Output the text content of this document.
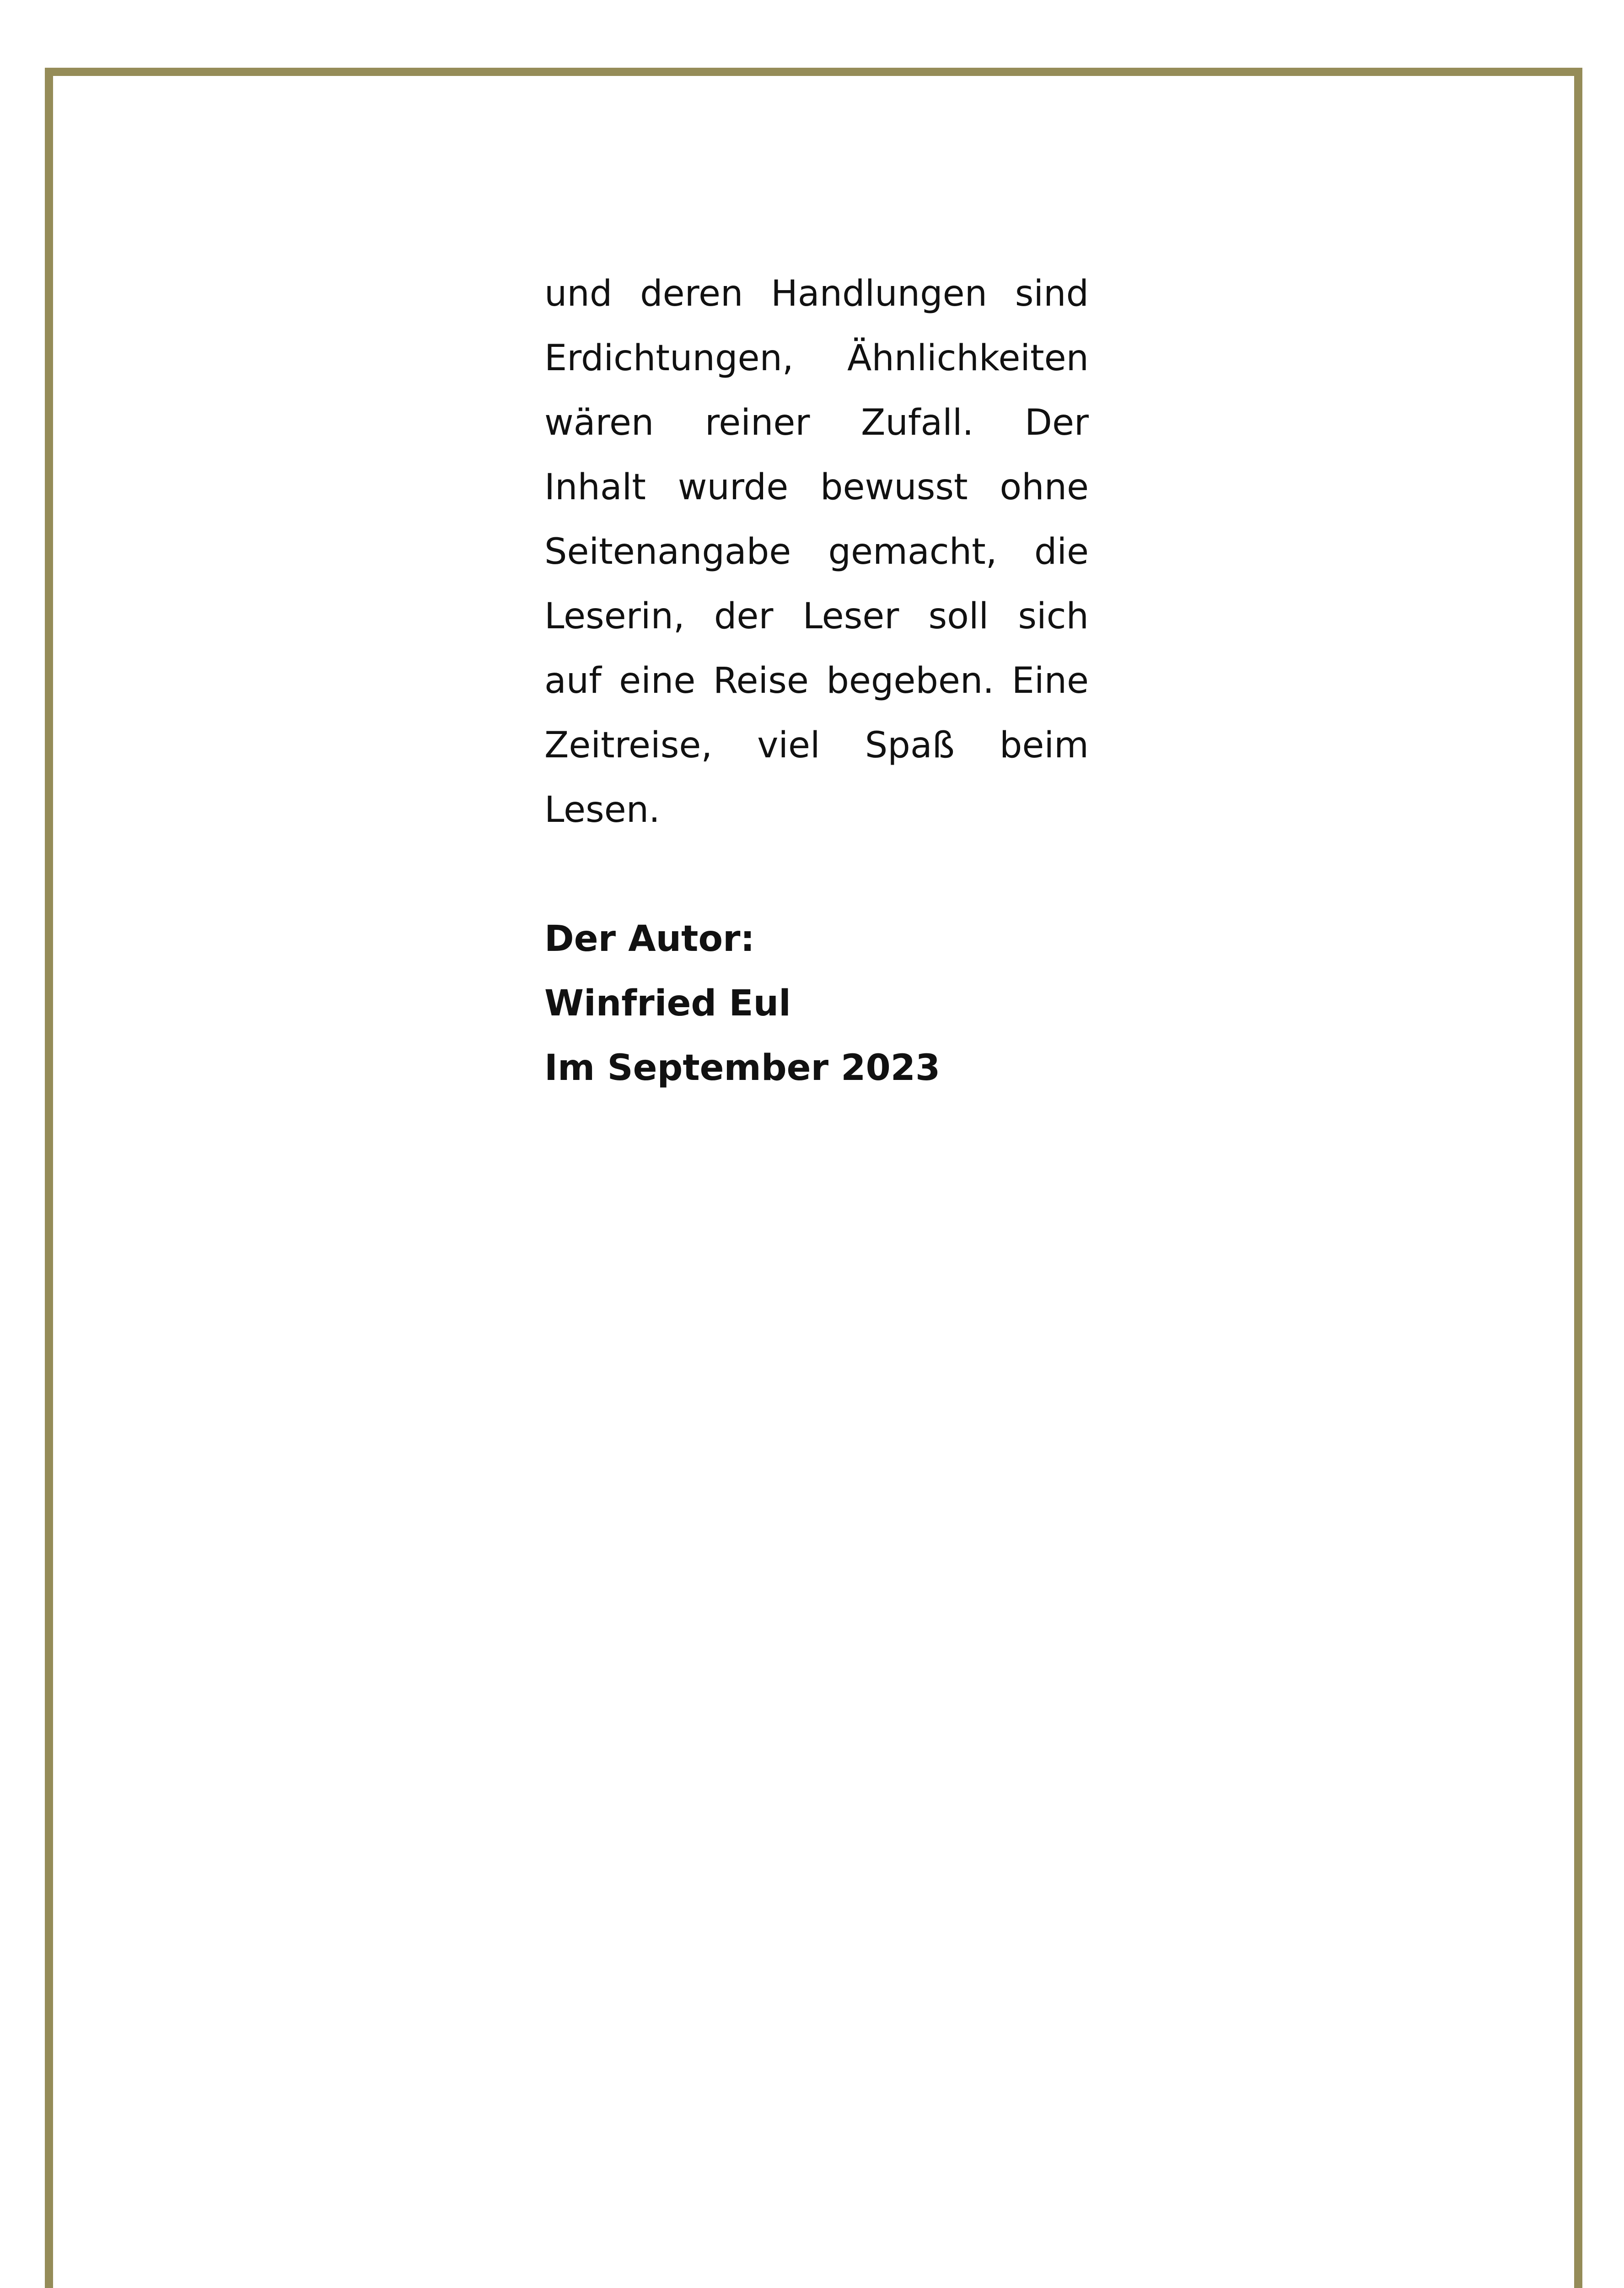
und deren Handlungen sind
Erdichtungen, Ähnlichkeiten
wären reiner Zufall. Der
Inhalt wurde bewusst ohne
Seitenangabe gemacht, die
Leserin, der Leser soll sich
auf eine Reise begeben. Eine
Zeitreise, viel Spaß beim
Lesen.
Der Autor:
Winfried Eul
Im September 2023
